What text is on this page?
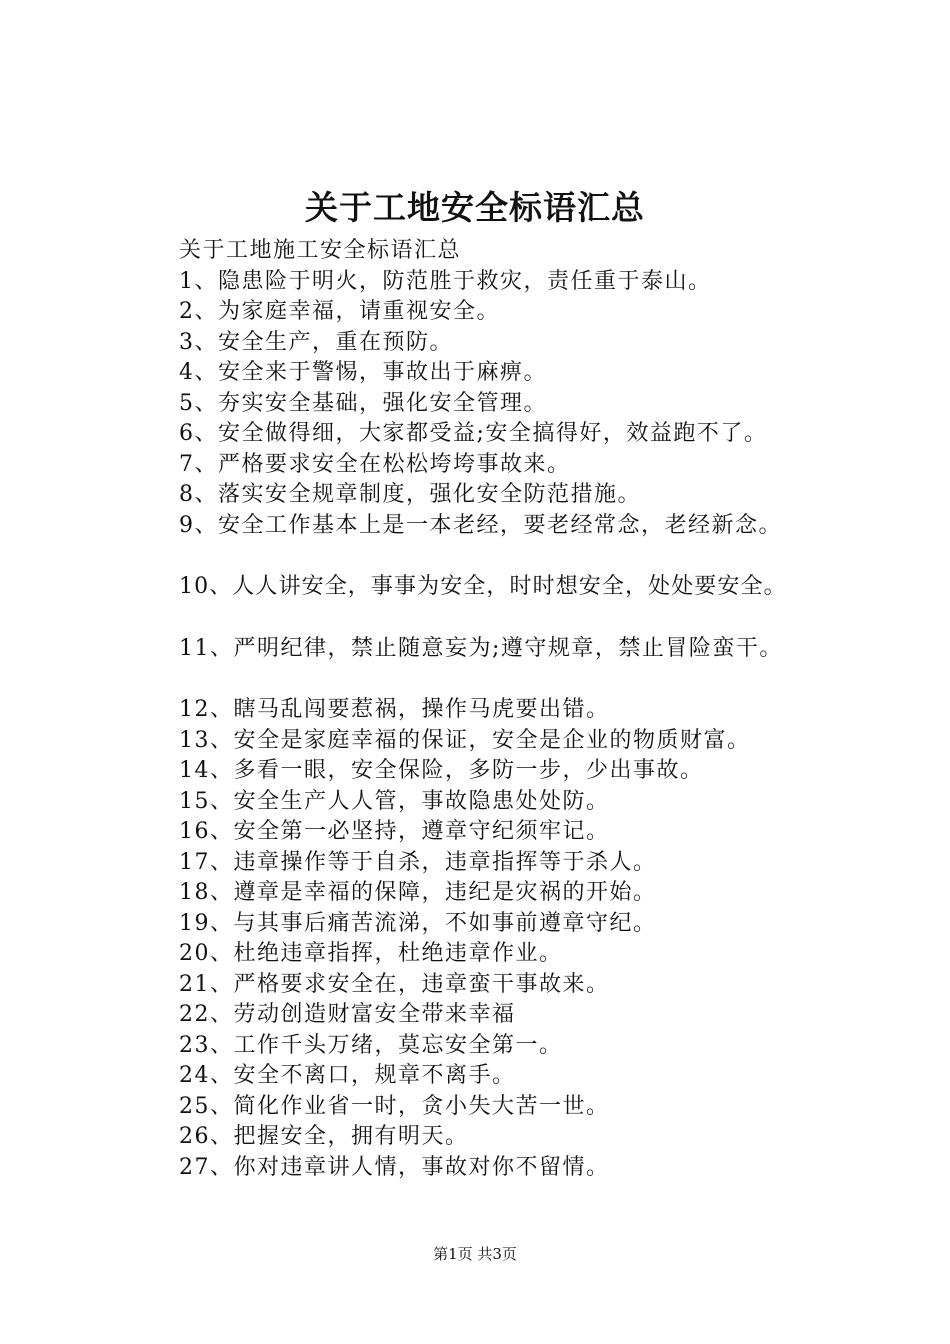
关于工地安全标语汇总
关于工地施工安全标语汇总
1、隐患险于明火，防范胜于救灾，责任重于泰山。
2、为家庭幸福，请重视安全。
3、安全生产，重在预防。
4、安全来于警惕，事故出于麻痹。
5、夯实安全基础，强化安全管理。
6、安全做得细，大家都受益;安全搞得好，效益跑不了。
7、严格要求安全在松松垮垮事故来。
8、落实安全规章制度，强化安全防范措施。
9、安全工作基本上是一本老经，要老经常念，老经新念。
10、人人讲安全，事事为安全，时时想安全，处处要安全。
11、严明纪律，禁止随意妄为;遵守规章，禁止冒险蛮干。
12、瞎马乱闯要惹祸，操作马虎要出错。
13、安全是家庭幸福的保证，安全是企业的物质财富。
14、多看一眼，安全保险，多防一步，少出事故。
15、安全生产人人管，事故隐患处处防。
16、安全第一必坚持，遵章守纪须牢记。
17、违章操作等于自杀，违章指挥等于杀人。
18、遵章是幸福的保障，违纪是灾祸的开始。
19、与其事后痛苦流涕，不如事前遵章守纪。
20、杜绝违章指挥，杜绝违章作业。
21、严格要求安全在，违章蛮干事故来。
22、劳动创造财富安全带来幸福
23、工作千头万绪，莫忘安全第一。
24、安全不离口，规章不离手。
25、简化作业省一时，贪小失大苦一世。
26、把握安全，拥有明天。
27、你对违章讲人情，事故对你不留情。
第1页 共3页
